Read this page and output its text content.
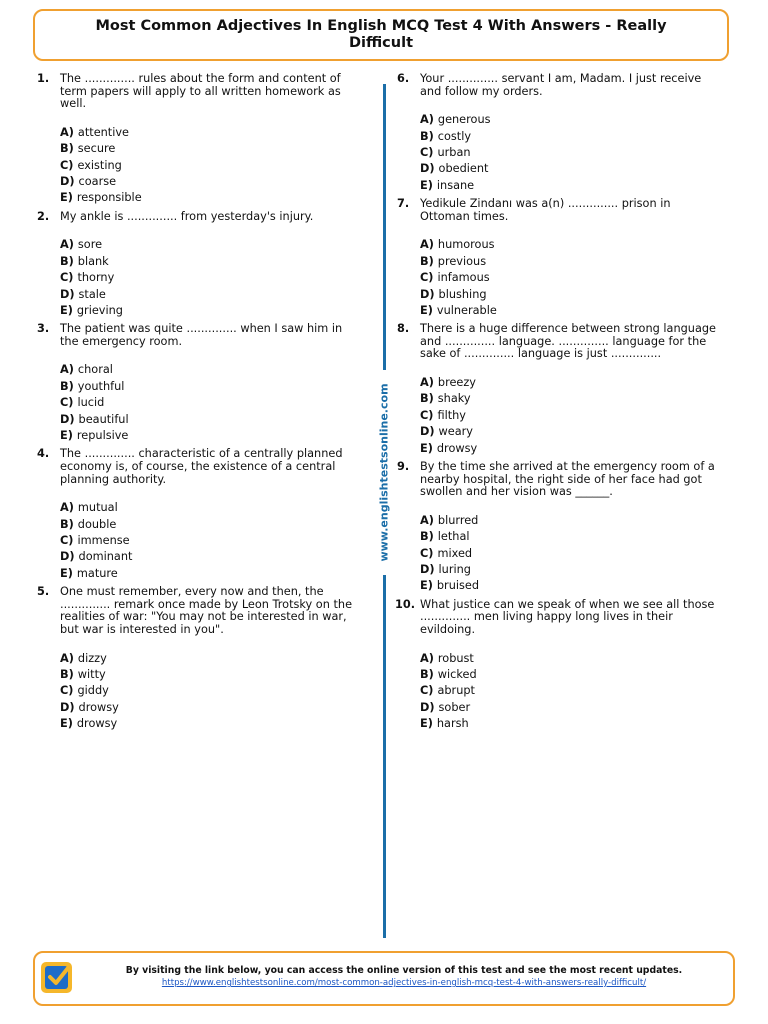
Most Common Adjectives In English MCQ Test 4 With Answers - Really Difficult
1. The .............. rules about the form and content of term papers will apply to all written homework as well.
A) attentive
B) secure
C) existing
D) coarse
E) responsible
2. My ankle is .............. from yesterday's injury.
A) sore
B) blank
C) thorny
D) stale
E) grieving
3. The patient was quite .............. when I saw him in the emergency room.
A) choral
B) youthful
C) lucid
D) beautiful
E) repulsive
4. The .............. characteristic of a centrally planned economy is, of course, the existence of a central planning authority.
A) mutual
B) double
C) immense
D) dominant
E) mature
5. One must remember, every now and then, the .............. remark once made by Leon Trotsky on the realities of war: "You may not be interested in war, but war is interested in you".
A) dizzy
B) witty
C) giddy
D) drowsy
E) drowsy
www.englishtestsonline.com
6. Your .............. servant I am, Madam. I just receive and follow my orders.
A) generous
B) costly
C) urban
D) obedient
E) insane
7. Yedikule Zindanı was a(n) .............. prison in Ottoman times.
A) humorous
B) previous
C) infamous
D) blushing
E) vulnerable
8. There is a huge difference between strong language and .............. language. .............. language for the sake of .............. language is just ..............
A) breezy
B) shaky
C) filthy
D) weary
E) drowsy
9. By the time she arrived at the emergency room of a nearby hospital, the right side of her face had got swollen and her vision was ______.
A) blurred
B) lethal
C) mixed
D) luring
E) bruised
10. What justice can we speak of when we see all those .............. men living happy long lives in their evildoing.
A) robust
B) wicked
C) abrupt
D) sober
E) harsh
By visiting the link below, you can access the online version of this test and see the most recent updates.
https://www.englishtestsonline.com/most-common-adjectives-in-english-mcq-test-4-with-answers-really-difficult/
